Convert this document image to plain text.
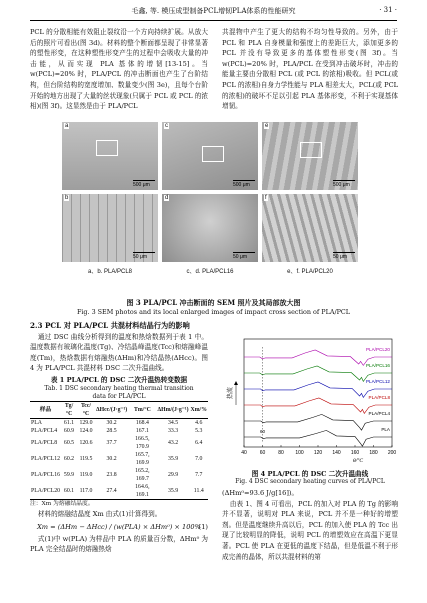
毛鑫, 等. 模压成型制备PCL增韧PLA体系的性能研究	· 31 ·

PCL 的分散相能有效阻止裂纹沿一个方向持续扩展。从放大后的照片可看出(图 3d)。材料的整个断面都呈现了非常显著的塑性形变，在这种塑性形变产生的过程中会吸收大量的冲击能，从而实现 PLA 基体的增韧[13-15]。当 w(PCL)=20% 时，PLA/PCL 的冲击断面也产生了台阶结构，但台阶结构的宽度增加、数量变少(图 3e)，且每个台阶开始的地方出现了大量的丝状现象(只属于 PCL 或 PCL 的浓相)(图 3f)。这显然是由于 PLA/PCL

共混物中产生了更大的结构不均匀性导致的。另外，由于 PCL 和 PLA 自身模量和强度上的差距巨大，添加更多的 PCL 并没有导致更多的基体塑性形变(图 3f)。当 w(PCL)=20% 时，PLA/PCL 在受到冲击破坏时，冲击的能量主要由分散相 PCL (或 PCL 的浓相)吸收。但 PCL(或 PCL 的浓相)自身力学性能与 PLA 相差太大，PCL(或 PCL 的浓相)的破坏不足以引起 PLA 基体形变，不利于实现基体增韧。

a
500 μm
c
500 μm
e
500 μm
b
50 μm
d
50 μm
f
50 μm
a、b. PLA/PCL8	c、d. PLA/PCL16	e、f. PLA/PCL20
图 3 PLA/PCL 冲击断面的 SEM 照片及其局部放大图
Fig. 3 SEM photos and its local enlarged images of impact cross section of PLA/PCL

2.3 PCL 对 PLA/PCL 共混材料结晶行为的影响

通过 DSC 曲线分析得到的温度和热焓数据列于表 1 中。温度数据有玻璃化温度(Tg)、冷结晶峰温度(Tcc)和熔融峰温度(Tm)，热焓数据有熔融热(ΔHm)和冷结晶热(ΔHcc)。图 4 为 PLA/PCL 共混材料 DSC 二次升温曲线。

表 1 PLA/PCL 的 DSC 二次升温热转变数据
Tab. 1 DSC secondary heating thermal transition
data for PLA/PCL
样品	Tg/°C	Tcc/°C	ΔHcc/(J·g⁻¹)	Tm/°C	ΔHm/(J·g⁻¹)	Xm/%

PLA	61.1	129.0	30.2	168.4	34.5	4.6
PLA/PCL4	60.9	124.0	28.5	167.1	33.3	5.3
PLA/PCL8	60.5	120.6	37.7	166.5, 170.9	43.2	6.4
PLA/PCL12	60.2	119.5	30.2	165.7, 169.9	35.9	7.0
PLA/PCL16	59.9	119.0	23.8	165.2, 169.7	29.9	7.7
PLA/PCL20	60.1	117.0	27.4	164.6, 169.1	35.9	11.4
注：Xm 为熔融结晶度。

材料的熔融结晶度 Xm 由式(1)计算得到。

Xm = (ΔHm − ΔHcc) / (w(PLA) × ΔHm⁰) × 100%
(1)

式(1)中 w(PLA) 为样品中 PLA 的质量百分数，ΔHm⁰ 为 PLA 完全结晶时的熔融热焓

40	60	80 100 120 140 160 180 200
θ/°C
热流
PLA
PLA/PCL4
PLA/PCL8
PLA/PCL12
PLA/PCL16
PLA/PCL20
60
图 4 PLA/PCL 的 DSC 二次升温曲线
Fig. 4 DSC secondary heating curves of PLA/PCL

(ΔHm⁰=93.6 J/g[16])。

由表 1、图 4 可看出，PCL 的加入对 PLA 的 Tg 的影响并不显著，说明对 PLA 来说，PCL 并不是一种好的增塑剂。但是温度继续升高以后，PCL 的加入使 PLA 的 Tcc 出现了比较明显的降低，说明 PCL 的增塑效应在高温下更显著。PCL 使 PLA 在更低的温度下结晶，但是低温不利于形成完善的晶体，所以共混材料的第
